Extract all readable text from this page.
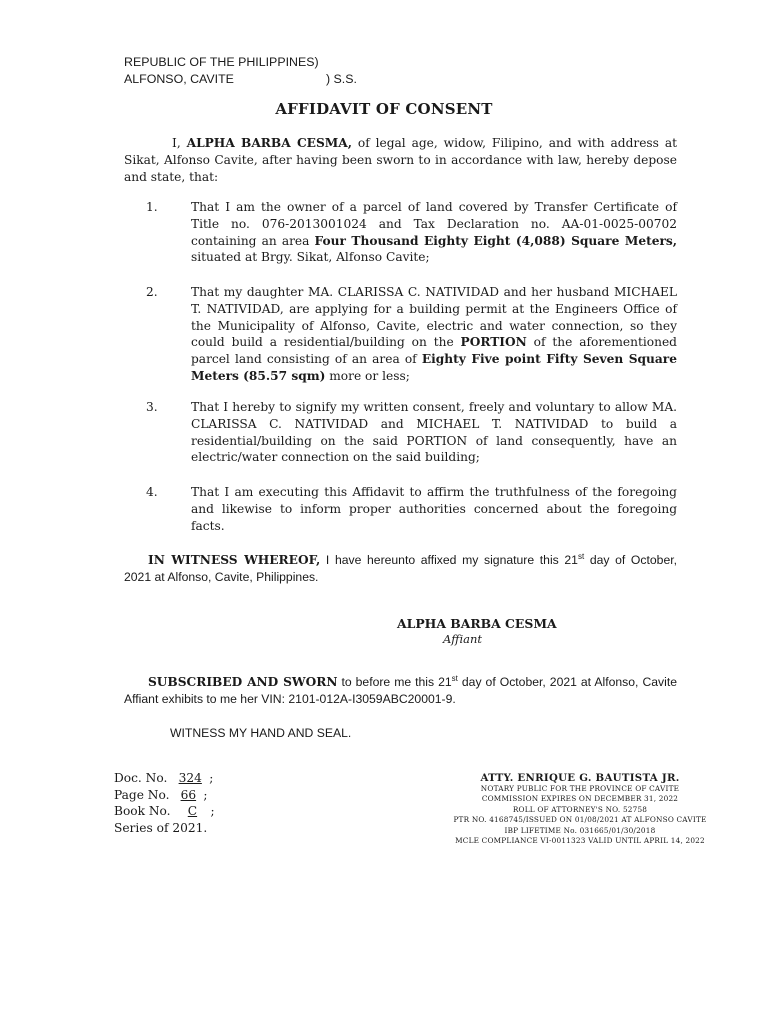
REPUBLIC OF THE PHILIPPINES)
ALFONSO, CAVITE	) S.S.
AFFIDAVIT OF CONSENT
I, ALPHA BARBA CESMA, of legal age, widow, Filipino, and with address at Sikat, Alfonso Cavite, after having been sworn to in accordance with law, hereby depose and state, that:
1.	That I am the owner of a parcel of land covered by Transfer Certificate of Title no. 076-2013001024 and Tax Declaration no. AA-01-0025-00702 containing an area Four Thousand Eighty Eight (4,088) Square Meters, situated at Brgy. Sikat, Alfonso Cavite;
2.	That my daughter MA. CLARISSA C. NATIVIDAD and her husband MICHAEL T. NATIVIDAD, are applying for a building permit at the Engineers Office of the Municipality of Alfonso, Cavite, electric and water connection, so they could build a residential/building on the PORTION of the aforementioned parcel land consisting of an area of Eighty Five point Fifty Seven Square Meters (85.57 sqm) more or less;
3.	That I hereby to signify my written consent, freely and voluntary to allow MA. CLARISSA C. NATIVIDAD and MICHAEL T. NATIVIDAD to build a residential/building on the said PORTION of land consequently, have an electric/water connection on the said building;
4.	That I am executing this Affidavit to affirm the truthfulness of the foregoing and likewise to inform proper authorities concerned about the foregoing facts.
IN WITNESS WHEREOF, I have hereunto affixed my signature this 21st day of October, 2021 at Alfonso, Cavite, Philippines.
ALPHA BARBA CESMA
Affiant
SUBSCRIBED AND SWORN to before me this 21st day of October, 2021 at Alfonso, Cavite Affiant exhibits to me her VIN: 2101-012A-I3059ABC20001-9.
WITNESS MY HAND AND SEAL.
Doc. No. 324 ;
Page No. 66 ;
Book No. C ;
Series of 2021.
ATTY. ENRIQUE G. BAUTISTA JR.
NOTARY PUBLIC FOR THE PROVINCE OF CAVITE
COMMISSION EXPIRES ON DECEMBER 31, 2022
ROLL OF ATTORNEY'S NO. 52758
PTR NO. 4168745/ISSUED ON 01/08/2021 AT ALFONSO CAVITE
IBP LIFETIME No. 031665/01/30/2018
MCLE COMPLIANCE VI-0011323 VALID UNTIL APRIL 14, 2022
